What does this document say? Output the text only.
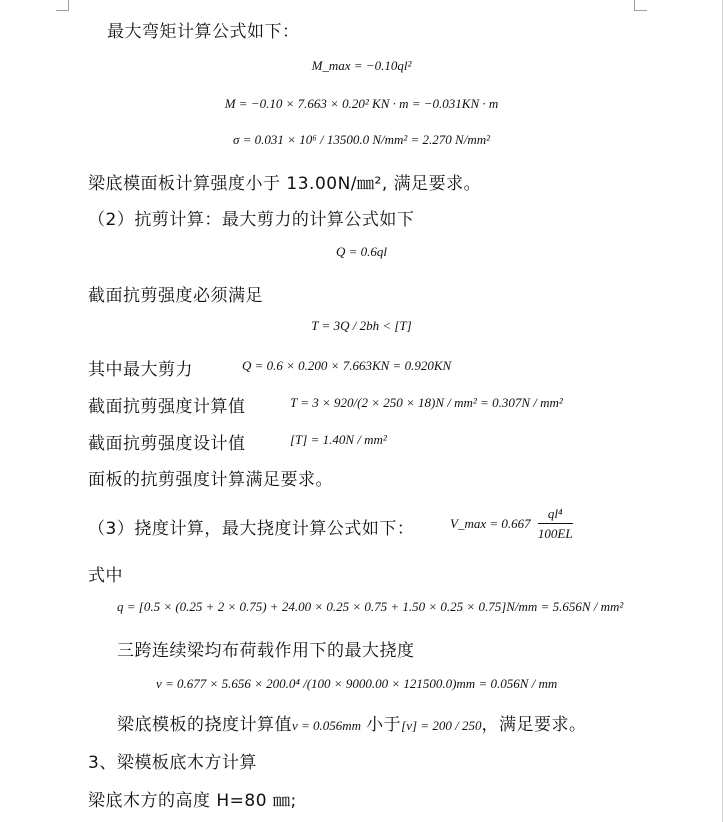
最大弯矩计算公式如下：
M_max = −0.10ql²
M = −0.10 × 7.663 × 0.20² KN · m = −0.031KN · m
σ = 0.031 × 10⁶ / 13500.0 N/mm² = 2.270 N/mm²
梁底模面板计算强度小于 13.00N/㎜², 满足要求。
（2）抗剪计算：最大剪力的计算公式如下
Q = 0.6ql
截面抗剪强度必须满足
T = 3Q / 2bh < [T]
其中最大剪力	Q = 0.6 × 0.200 × 7.663KN = 0.920KN
截面抗剪强度计算值	T = 3 × 920/(2 × 250 × 18)N / mm² = 0.307N / mm²
截面抗剪强度设计值	[T] = 1.40N / mm²
面板的抗剪强度计算满足要求。
（3）挠度计算，最大挠度计算公式如下：	V_max = $0.667 \frac{\text{ql⁴}}{100EL}$
式中
q = [0.5 × (0.25 + 2 × 0.75) + 24.00 × 0.25 × 0.75 + 1.50 × 0.25 × 0.75]N/mm = 5.656N / mm²
三跨连续梁均布荷载作用下的最大挠度
v = 0.677 × 5.656 × 200.0⁴ /(100 × 9000.00 × 121500.0)mm = 0.056N / mm
梁底模板的挠度计算值v = 0.056mm 小于[v] = 200 / 250，满足要求。
3、梁模板底木方计算
梁底木方的高度 H=80 ㎜;
